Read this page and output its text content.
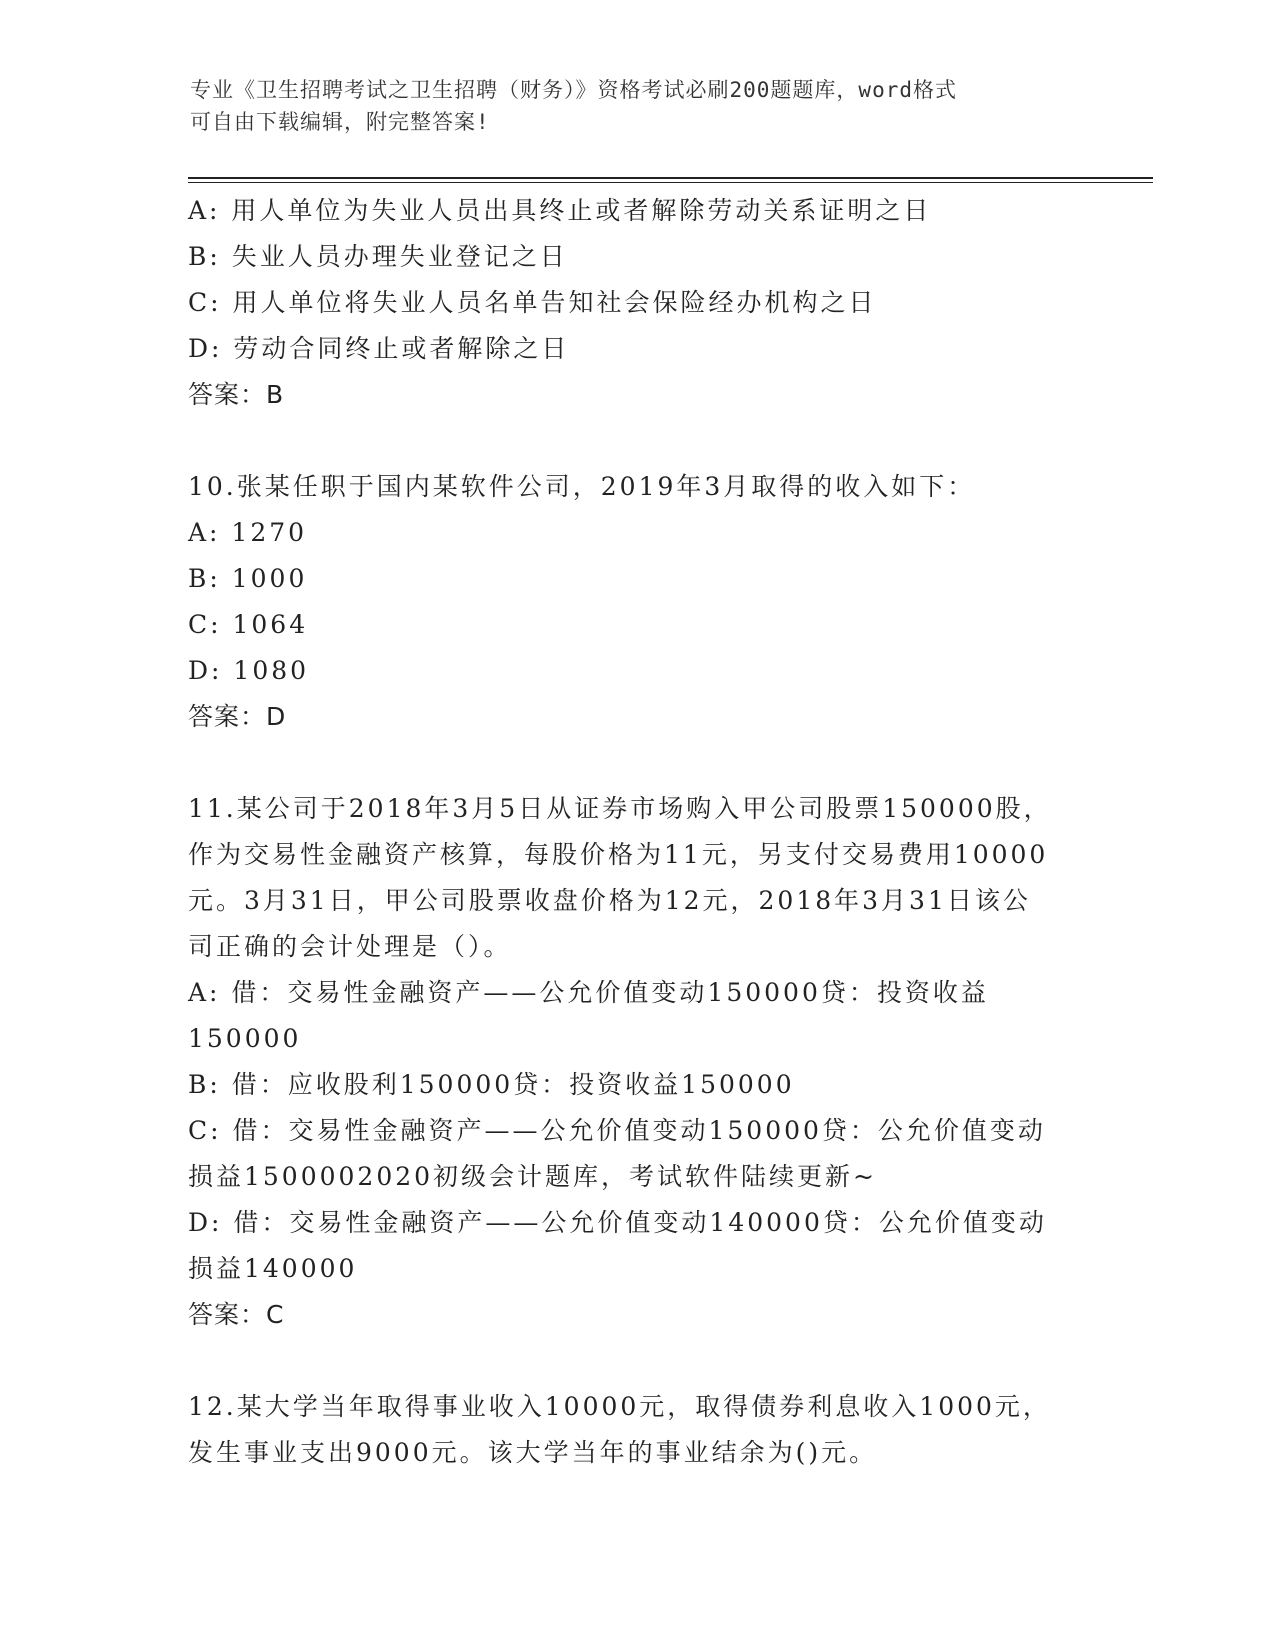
专业《卫生招聘考试之卫生招聘（财务）》资格考试必刷200题题库，word格式
可自由下载编辑，附完整答案!
A: 用人单位为失业人员出具终止或者解除劳动关系证明之日
B: 失业人员办理失业登记之日
C: 用人单位将失业人员名单告知社会保险经办机构之日
D: 劳动合同终止或者解除之日
答案：B
10.张某任职于国内某软件公司，2019年3月取得的收入如下：
A: 1270
B: 1000
C: 1064
D: 1080
答案：D
11.某公司于2018年3月5日从证券市场购入甲公司股票150000股，
作为交易性金融资产核算，每股价格为11元，另支付交易费用10000
元。3月31日，甲公司股票收盘价格为12元，2018年3月31日该公
司正确的会计处理是（）。
A: 借：交易性金融资产——公允价值变动150000贷：投资收益
150000
B: 借：应收股利150000贷：投资收益150000
C: 借：交易性金融资产——公允价值变动150000贷：公允价值变动
损益1500002020初级会计题库，考试软件陆续更新~
D: 借：交易性金融资产——公允价值变动140000贷：公允价值变动
损益140000
答案：C
12.某大学当年取得事业收入10000元，取得债券利息收入1000元，
发生事业支出9000元。该大学当年的事业结余为()元。
